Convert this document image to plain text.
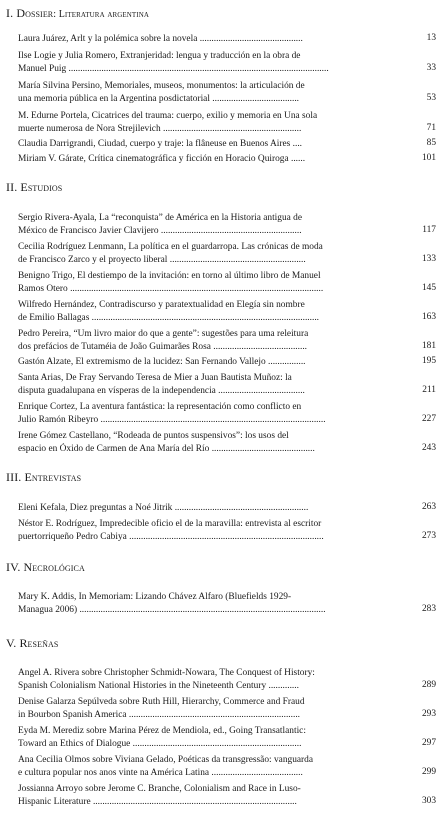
I. Dossier: Literatura argentina
Laura Juárez, Arlt y la polémica sobre la novela ............................................	13
Ilse Logie y Julia Romero, Extranjeridad: lengua y traducción en la obra de
Manuel Puig ...............................................................................................................	33
María Silvina Persino, Memoriales, museos, monumentos: la articulación de
una memoria pública en la Argentina posdictatorial .....................................	53
M. Edurne Portela, Cicatrices del trauma: cuerpo, exilio y memoria en Una sola
muerte numerosa de Nora Strejilevich ...........................................................	71
Claudia Darrigrandi, Ciudad, cuerpo y traje: la flâneuse en Buenos Aires ....	85
Miriam V. Gárate, Crítica cinematográfica y ficción en Horacio Quiroga ......	101
II. Estudios
Sergio Rivera-Ayala, La “reconquista” de América en la Historia antigua de
México de Francisco Javier Clavijero ............................................................	117
Cecilia Rodríguez Lenmann, La política en el guardarropa. Las crónicas de moda
de Francisco Zarco y el proyecto liberal ..........................................................	133
Benigno Trigo, El destiempo de la invitación: en torno al último libro de Manuel
Ramos Otero ............................................................................................................	145
Wilfredo Hernández, Contradiscurso y paratextualidad en Elegía sin nombre
de Emilio Ballagas .................................................................................................	163
Pedro Pereira, “Um livro maior do que a gente”: sugestões para uma releitura
dos prefácios de Tutaméia de João Guimarães Rosa ........................................	181
Gastón Alzate, El extremismo de la lucidez: San Fernando Vallejo ................	195
Santa Arias, De Fray Servando Teresa de Mier a Juan Bautista Muñoz: la
disputa guadalupana en vísperas de la independencia .....................................	211
Enrique Cortez, La aventura fantástica: la representación como conflicto en
Julio Ramón Ribeyro ................................................................................................	227
Irene Gómez Castellano, “Rodeada de puntos suspensivos”: los usos del
espacio en Óxido de Carmen de Ana María del Río ............................................	243
III. Entrevistas
Eleni Kefala, Diez preguntas a Noé Jitrik .........................................................	263
Néstor E. Rodríguez, Impredecible oficio el de la maravilla: entrevista al escritor
puertorriqueño Pedro Cabiya ...................................................................................	273
IV. Necrológica
Mary K. Addis, In Memoriam: Lizando Chávez Alfaro (Bluefields 1929-
Managua 2006) .........................................................................................................	283
V. Reseñas
Angel A. Rivera sobre Christopher Schmidt-Nowara, The Conquest of History:
Spanish Colonialism National Histories in the Nineteenth Century .............	289
Denise Galarza Sepúlveda sobre Ruth Hill, Hierarchy, Commerce and Fraud
in Bourbon Spanish America .........................................................................	293
Eyda M. Merediz sobre Marina Pérez de Mendiola, ed., Going Transatlantic:
Toward an Ethics of Dialogue ........................................................................	297
Ana Cecilia Olmos sobre Viviana Gelado, Poéticas da transgressão: vanguarda
e cultura popular nos anos vinte na América Latina .......................................	299
Jossianna Arroyo sobre Jerome C. Branche, Colonialism and Race in Luso-
Hispanic Literature .......................................................................................	303
